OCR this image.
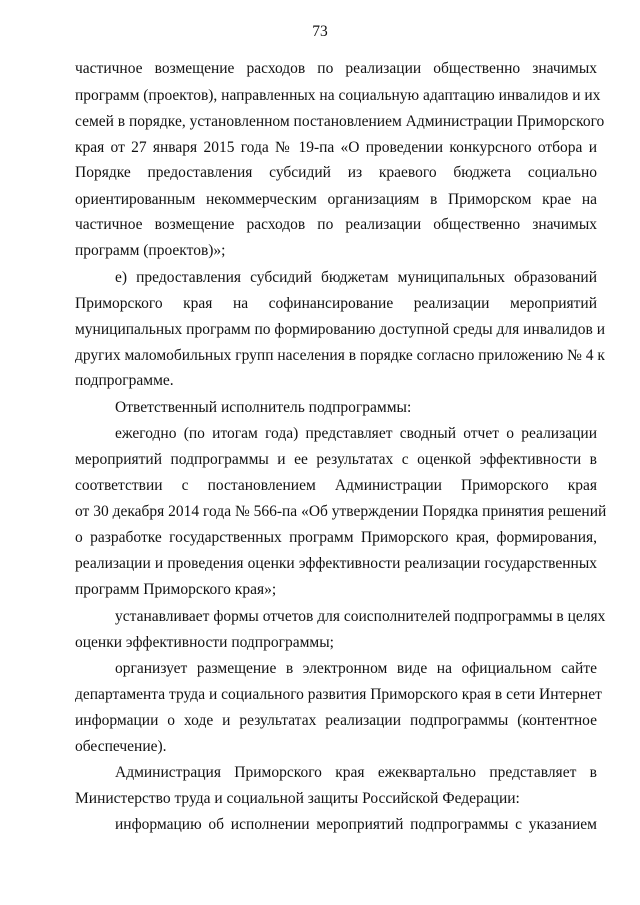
73
частичное возмещение расходов по реализации общественно значимых
программ (проектов), направленных на социальную адаптацию инвалидов и их
семей в порядке, установленном постановлением Администрации Приморского
края от 27 января 2015 года № 19-па «О проведении конкурсного отбора и
Порядке предоставления субсидий из краевого бюджета социально
ориентированным некоммерческим организациям в Приморском крае на
частичное возмещение расходов по реализации общественно значимых
программ (проектов)»;
е) предоставления субсидий бюджетам муниципальных образований
Приморского края на софинансирование реализации мероприятий
муниципальных программ по формированию доступной среды для инвалидов и
других маломобильных групп населения в порядке согласно приложению № 4 к
подпрограмме.
Ответственный исполнитель подпрограммы:
ежегодно (по итогам года) представляет сводный отчет о реализации
мероприятий подпрограммы и ее результатах с оценкой эффективности в
соответствии с постановлением Администрации Приморского края
от 30 декабря 2014 года № 566-па «Об утверждении Порядка принятия решений
о разработке государственных программ Приморского края, формирования,
реализации и проведения оценки эффективности реализации государственных
программ Приморского края»;
устанавливает формы отчетов для соисполнителей подпрограммы в целях
оценки эффективности подпрограммы;
организует размещение в электронном виде на официальном сайте
департамента труда и социального развития Приморского края в сети Интернет
информации о ходе и результатах реализации подпрограммы (контентное
обеспечение).
Администрация Приморского края ежеквартально представляет в
Министерство труда и социальной защиты Российской Федерации:
информацию об исполнении мероприятий подпрограммы с указанием
